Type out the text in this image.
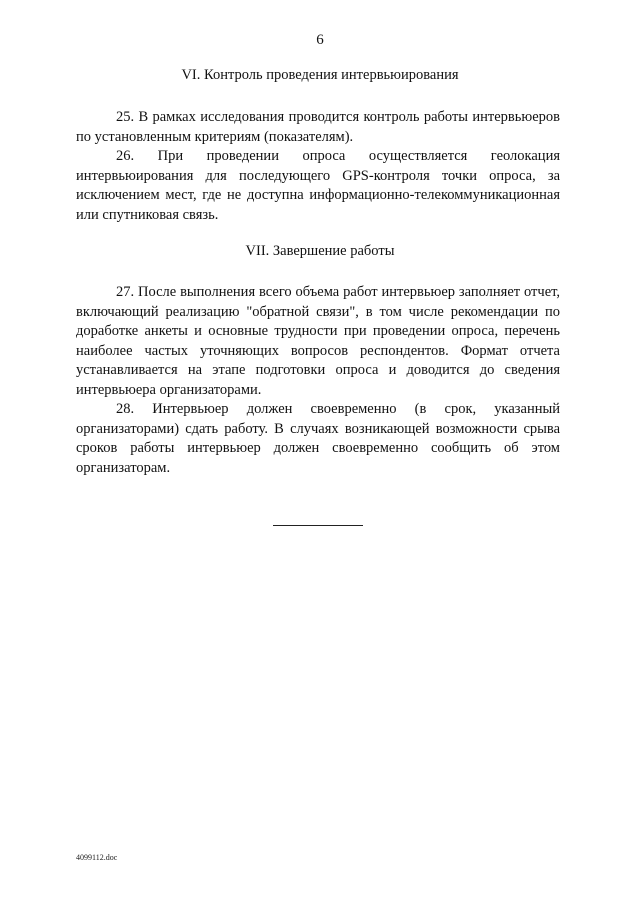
6
VI. Контроль проведения интервьюирования

25. В рамках исследования проводится контроль работы интервьюеров по установленным критериям (показателям).

26. При проведении опроса осуществляется геолокация интервьюирования для последующего GPS-контроля точки опроса, за исключением мест, где не доступна информационно-телекоммуникационная или спутниковая связь.

VII. Завершение работы

27. После выполнения всего объема работ интервьюер заполняет отчет, включающий реализацию "обратной связи", в том числе рекомендации по доработке анкеты и основные трудности при проведении опроса, перечень наиболее частых уточняющих вопросов респондентов. Формат отчета устанавливается на этапе подготовки опроса и доводится до сведения интервьюера организаторами.

28. Интервьюер должен своевременно (в срок, указанный организаторами) сдать работу. В случаях возникающей возможности срыва сроков работы интервьюер должен своевременно сообщить об этом организаторам.

4099112.doc
